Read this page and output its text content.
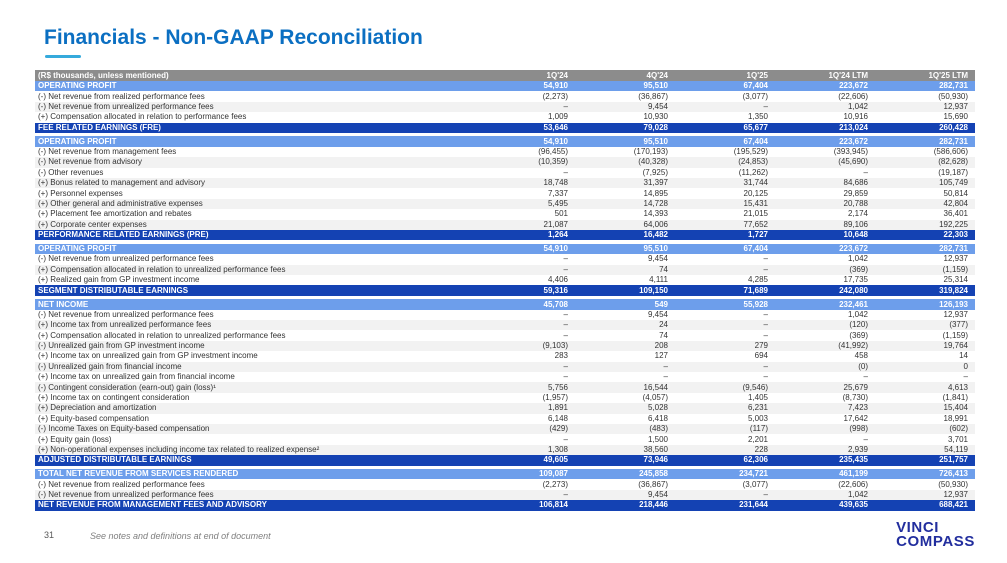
Financials - Non-GAAP Reconciliation
(R$ thousands, unless mentioned)	1Q'24	4Q'24	1Q'25	1Q'24 LTM	1Q'25 LTM
OPERATING PROFIT	54,910	95,510	67,404	223,672	282,731
(-) Net revenue from realized performance fees	(2,273)	(36,867)	(3,077)	(22,606)	(50,930)
(-) Net revenue from unrealized performance fees	–	9,454	–	1,042	12,937
(+) Compensation allocated in relation to performance fees	1,009	10,930	1,350	10,916	15,690
FEE RELATED EARNINGS (FRE)	53,646	79,028	65,677	213,024	260,428
OPERATING PROFIT	54,910	95,510	67,404	223,672	282,731
(-) Net revenue from management fees	(96,455)	(170,193)	(195,529)	(393,945)	(586,606)
(-) Net revenue from advisory	(10,359)	(40,328)	(24,853)	(45,690)	(82,628)
(-) Other revenues	–	(7,925)	(11,262)	–	(19,187)
(+) Bonus related to management and advisory	18,748	31,397	31,744	84,686	105,749
(+) Personnel expenses	7,337	14,895	20,125	29,859	50,814
(+) Other general and administrative expenses	5,495	14,728	15,431	20,788	42,804
(+) Placement fee amortization and rebates	501	14,393	21,015	2,174	36,401
(+) Corporate center expenses	21,087	64,006	77,652	89,106	192,225
PERFORMANCE RELATED EARNINGS (PRE)	1,264	16,482	1,727	10,648	22,303
OPERATING PROFIT	54,910	95,510	67,404	223,672	282,731
(-) Net revenue from unrealized performance fees	–	9,454	–	1,042	12,937
(+) Compensation allocated in relation to unrealized performance fees	–	74	–	(369)	(1,159)
(+) Realized gain from GP investment income	4,406	4,111	4,285	17,735	25,314
SEGMENT DISTRIBUTABLE EARNINGS	59,316	109,150	71,689	242,080	319,824
NET INCOME	45,708	549	55,928	232,461	126,193
(-) Net revenue from unrealized performance fees	–	9,454	–	1,042	12,937
(+) Income tax from unrealized performance fees	–	24	–	(120)	(377)
(+) Compensation allocated in relation to unrealized performance fees	–	74	–	(369)	(1,159)
(-) Unrealized gain from GP investment income	(9,103)	208	279	(41,992)	19,764
(+) Income tax on unrealized gain from GP investment income	283	127	694	458	14
(-) Unrealized gain from financial income	–	–	–	(0)	0
(+) Income tax on unrealized gain from financial income	–	–	–	–	–
(-) Contingent consideration (earn-out) gain (loss)¹	5,756	16,544	(9,546)	25,679	4,613
(+) Income tax on contingent consideration	(1,957)	(4,057)	1,405	(8,730)	(1,841)
(+) Depreciation and amortization	1,891	5,028	6,231	7,423	15,404
(+) Equity-based compensation	6,148	6,418	5,003	17,642	18,991
(-) Income Taxes on Equity-based compensation	(429)	(483)	(117)	(998)	(602)
(+) Equity gain (loss)	–	1,500	2,201	–	3,701
(+) Non-operational expenses including income tax related to realized expense²	1,308	38,560	228	2,939	54,119
ADJUSTED DISTRIBUTABLE EARNINGS	49,605	73,946	62,306	235,435	251,757
TOTAL NET REVENUE FROM SERVICES RENDERED	109,087	245,858	234,721	461,199	726,413
(-) Net revenue from realized performance fees	(2,273)	(36,867)	(3,077)	(22,606)	(50,930)
(-) Net revenue from unrealized performance fees	–	9,454	–	1,042	12,937
NET REVENUE FROM MANAGEMENT FEES AND ADVISORY	106,814	218,446	231,644	439,635	688,421
31	See notes and definitions at end of document
VINCI
COMPASS
